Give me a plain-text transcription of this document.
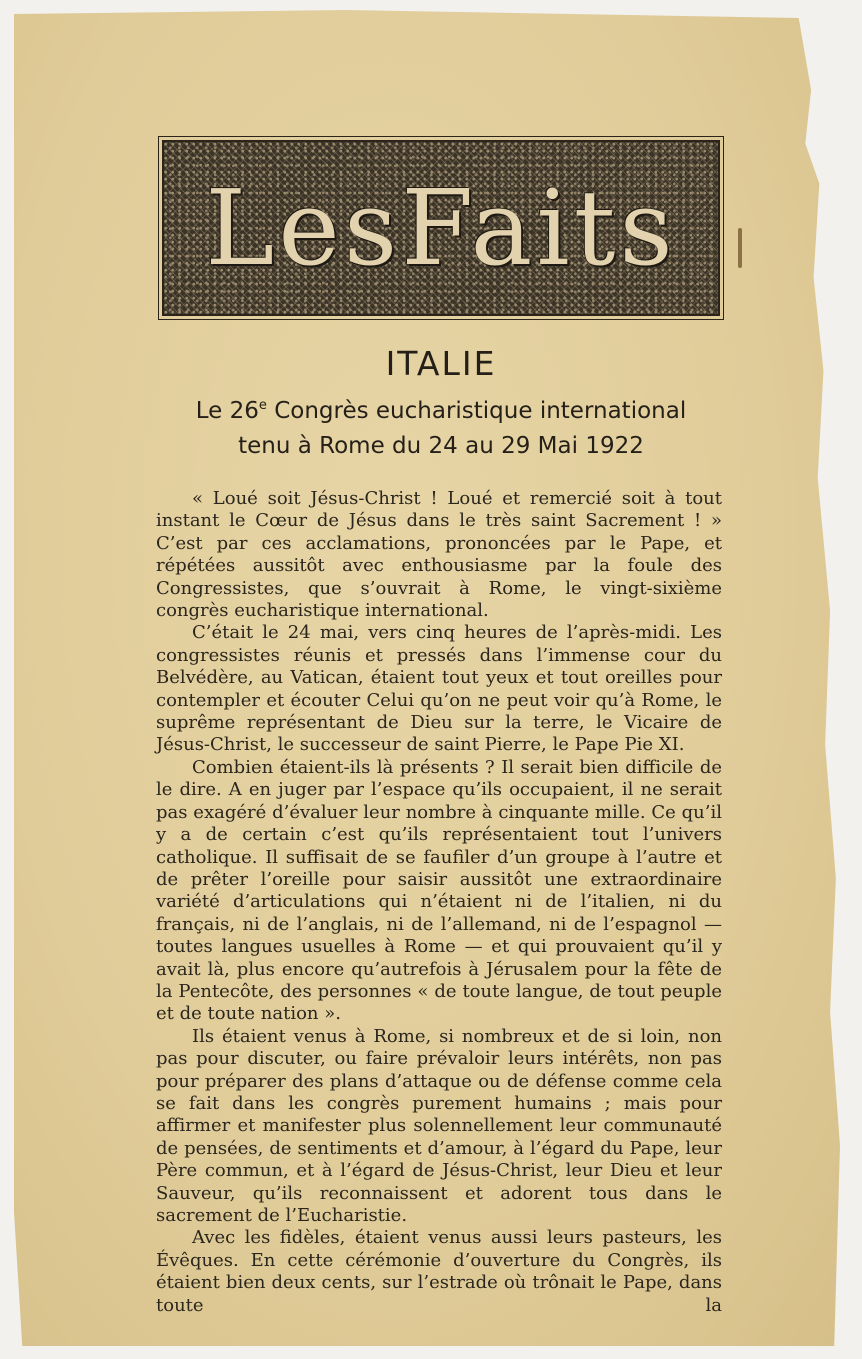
LesFaits
ITALIE
Le 26e Congrès eucharistique international
tenu à Rome du 24 au 29 Mai 1922

« Loué soit Jésus-Christ ! Loué et remercié soit à tout instant le Cœur de Jésus dans le très saint Sacrement ! » C’est par ces acclamations, prononcées par le Pape, et répétées aussitôt avec enthousiasme par la foule des Congressistes, que s’ouvrait à Rome, le vingt-sixième congrès eucharistique international.

C’était le 24 mai, vers cinq heures de l’après-midi. Les congressistes réunis et pressés dans l’immense cour du Belvédère, au Vatican, étaient tout yeux et tout oreilles pour contempler et écouter Celui qu’on ne peut voir qu’à Rome, le suprême représentant de Dieu sur la terre, le Vicaire de Jésus-Christ, le successeur de saint Pierre, le Pape Pie XI.

Combien étaient-ils là présents ? Il serait bien difficile de le dire. A en juger par l’espace qu’ils occupaient, il ne serait pas exagéré d’évaluer leur nombre à cinquante mille. Ce qu’il y a de certain c’est qu’ils représentaient tout l’univers catholique. Il suffisait de se faufiler d’un groupe à l’autre et de prêter l’oreille pour saisir aussitôt une extraordinaire variété d’articulations qui n’étaient ni de l’italien, ni du français, ni de l’anglais, ni de l’allemand, ni de l’espagnol — toutes langues usuelles à Rome — et qui prouvaient qu’il y avait là, plus encore qu’autrefois à Jérusalem pour la fête de la Pentecôte, des personnes « de toute langue, de tout peuple et de toute nation ».

Ils étaient venus à Rome, si nombreux et de si loin, non pas pour discuter, ou faire prévaloir leurs intérêts, non pas pour préparer des plans d’attaque ou de défense comme cela se fait dans les congrès purement humains ; mais pour affirmer et manifester plus solennellement leur communauté de pensées, de sentiments et d’amour, à l’égard du Pape, leur Père commun, et à l’égard de Jésus-Christ, leur Dieu et leur Sauveur, qu’ils reconnaissent et adorent tous dans le sacrement de l’Eucharistie.

Avec les fidèles, étaient venus aussi leurs pasteurs, les Évêques. En cette cérémonie d’ouverture du Congrès, ils étaient bien deux cents, sur l’estrade où trônait le Pape, dans toute la
